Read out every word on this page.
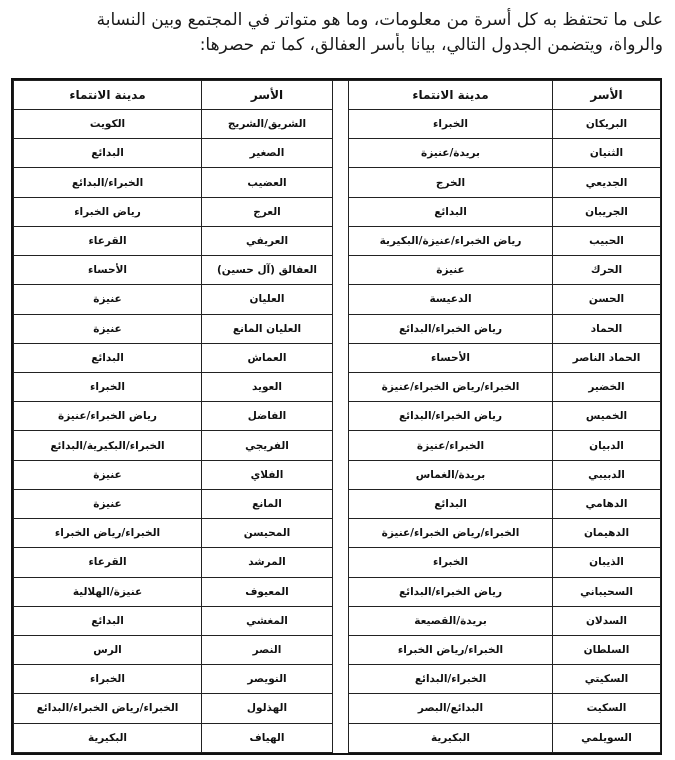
على ما تحتفظ به كل أسرة من معلومات، وما هو متواتر في المجتمع وبين النسابة
والرواة، ويتضمن الجدول التالي، بيانا بأسر العفالق، كما تم حصرها:
الأسر	مدينة الانتماء		الأسر	مدينة الانتماء
البريكان	الخبراء		الشريق/الشريج	الكويت
الثنيان	بريدة/عنيزة		الصغير	البدائع
الجديعي	الخرج		العضيب	الخبراء/البدائع
الجريبان	البدائع		العرج	رياض الخبراء
الحبيب	رياض الخبراء/عنيزة/البكيرية		العريفي	القرعاء
الحرك	عنيزة		العفالق (آل حسين)	الأحساء
الحسن	الدعيسة		العليان	عنيزة
الحماد	رياض الخبراء/البدائع		العليان المانع	عنيزة
الحماد الناصر	الأحساء		العماش	البدائع
الخضير	الخبراء/رياض الخبراء/عنيزة		العويد	الخبراء
الخميس	رياض الخبراء/البدائع		الفاضل	رياض الخبراء/عنيزة
الدبيان	الخبراء/عنيزة		الفريجي	الخبراء/البكيرية/البدائع
الدبيبي	بريدة/الغماس		الفلاي	عنيزة
الدهامي	البدائع		المانع	عنيزة
الدهيمان	الخبراء/رياض الخبراء/عنيزة		المحيسن	الخبراء/رياض الخبراء
الذيبان	الخبراء		المرشد	القرعاء
السحيباني	رياض الخبراء/البدائع		المعيوف	عنيزة/الهلالية
السدلان	بريدة/القصيعة		المغشي	البدائع
السلطان	الخبراء/رياض الخبراء		النصر	الرس
السكيتي	الخبراء/البدائع		النويصر	الخبراء
السكيت	البدائع/البصر		الهذلول	الخبراء/رياض الخبراء/البدائع
السويلمي	البكيرية		الهياف	البكيرية
